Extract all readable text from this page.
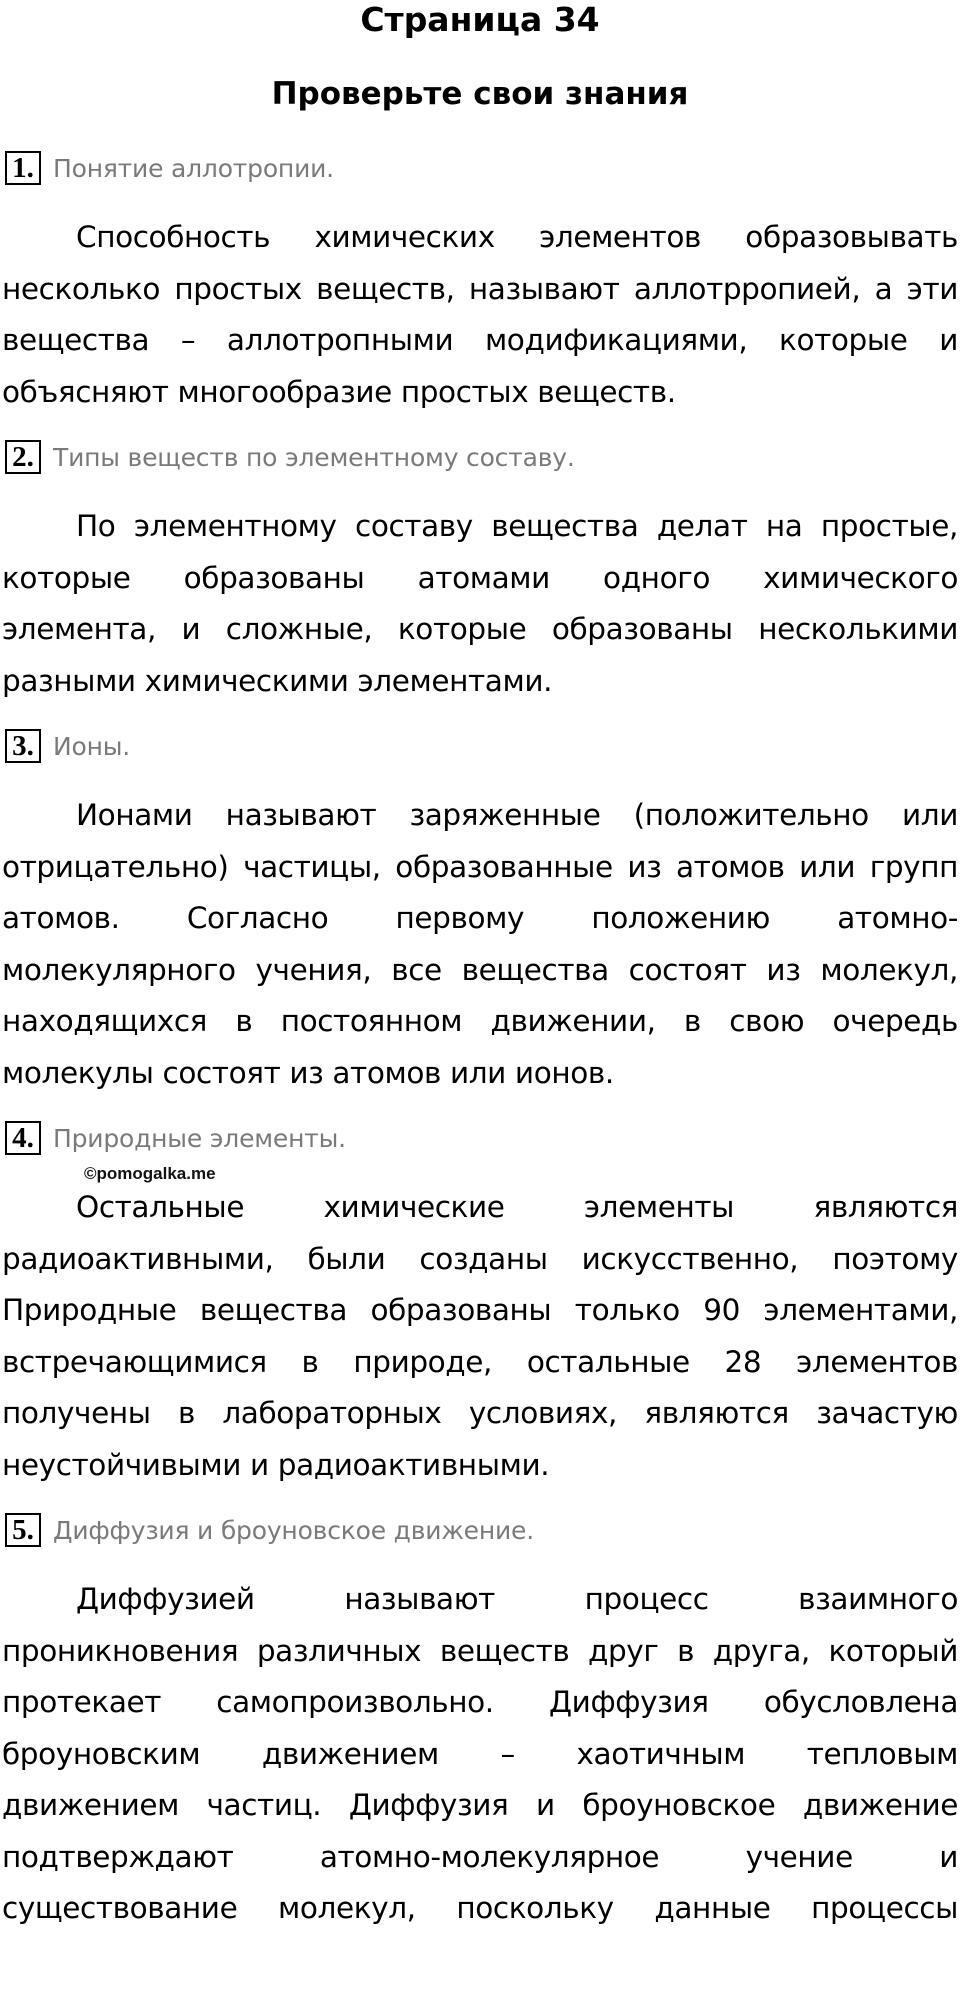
Страница 34
Проверьте свои знания
1. Понятие аллотропии.
Способность химических элементов образовывать
несколько простых веществ, называют аллотрропией, а эти
вещества – аллотропными модификациями, которые и
объясняют многообразие простых веществ.
2. Типы веществ по элементному составу.
По элементному составу вещества делат на простые,
которые образованы атомами одного химического
элемента, и сложные, которые образованы несколькими
разными химическими элементами.
3. Ионы.
Ионами называют заряженные (положительно или
отрицательно) частицы, образованные из атомов или групп
атомов. Согласно первому положению атомно-
молекулярного учения, все вещества состоят из молекул,
находящихся в постоянном движении, в свою очередь
молекулы состоят из атомов или ионов.
4. Природные элементы.
©pomogalka.me
Остальные химические элементы являются
радиоактивными, были созданы искусственно, поэтому
Природные вещества образованы только 90 элементами,
встречающимися в природе, остальные 28 элементов
получены в лабораторных условиях, являются зачастую
неустойчивыми и радиоактивными.
5. Диффузия и броуновское движение.
Диффузией называют процесс взаимного
проникновения различных веществ друг в друга, который
протекает самопроизвольно. Диффузия обусловлена
броуновским движением – хаотичным тепловым
движением частиц. Диффузия и броуновское движение
подтверждают атомно-молекулярное учение и
существование молекул, поскольку данные процессы
